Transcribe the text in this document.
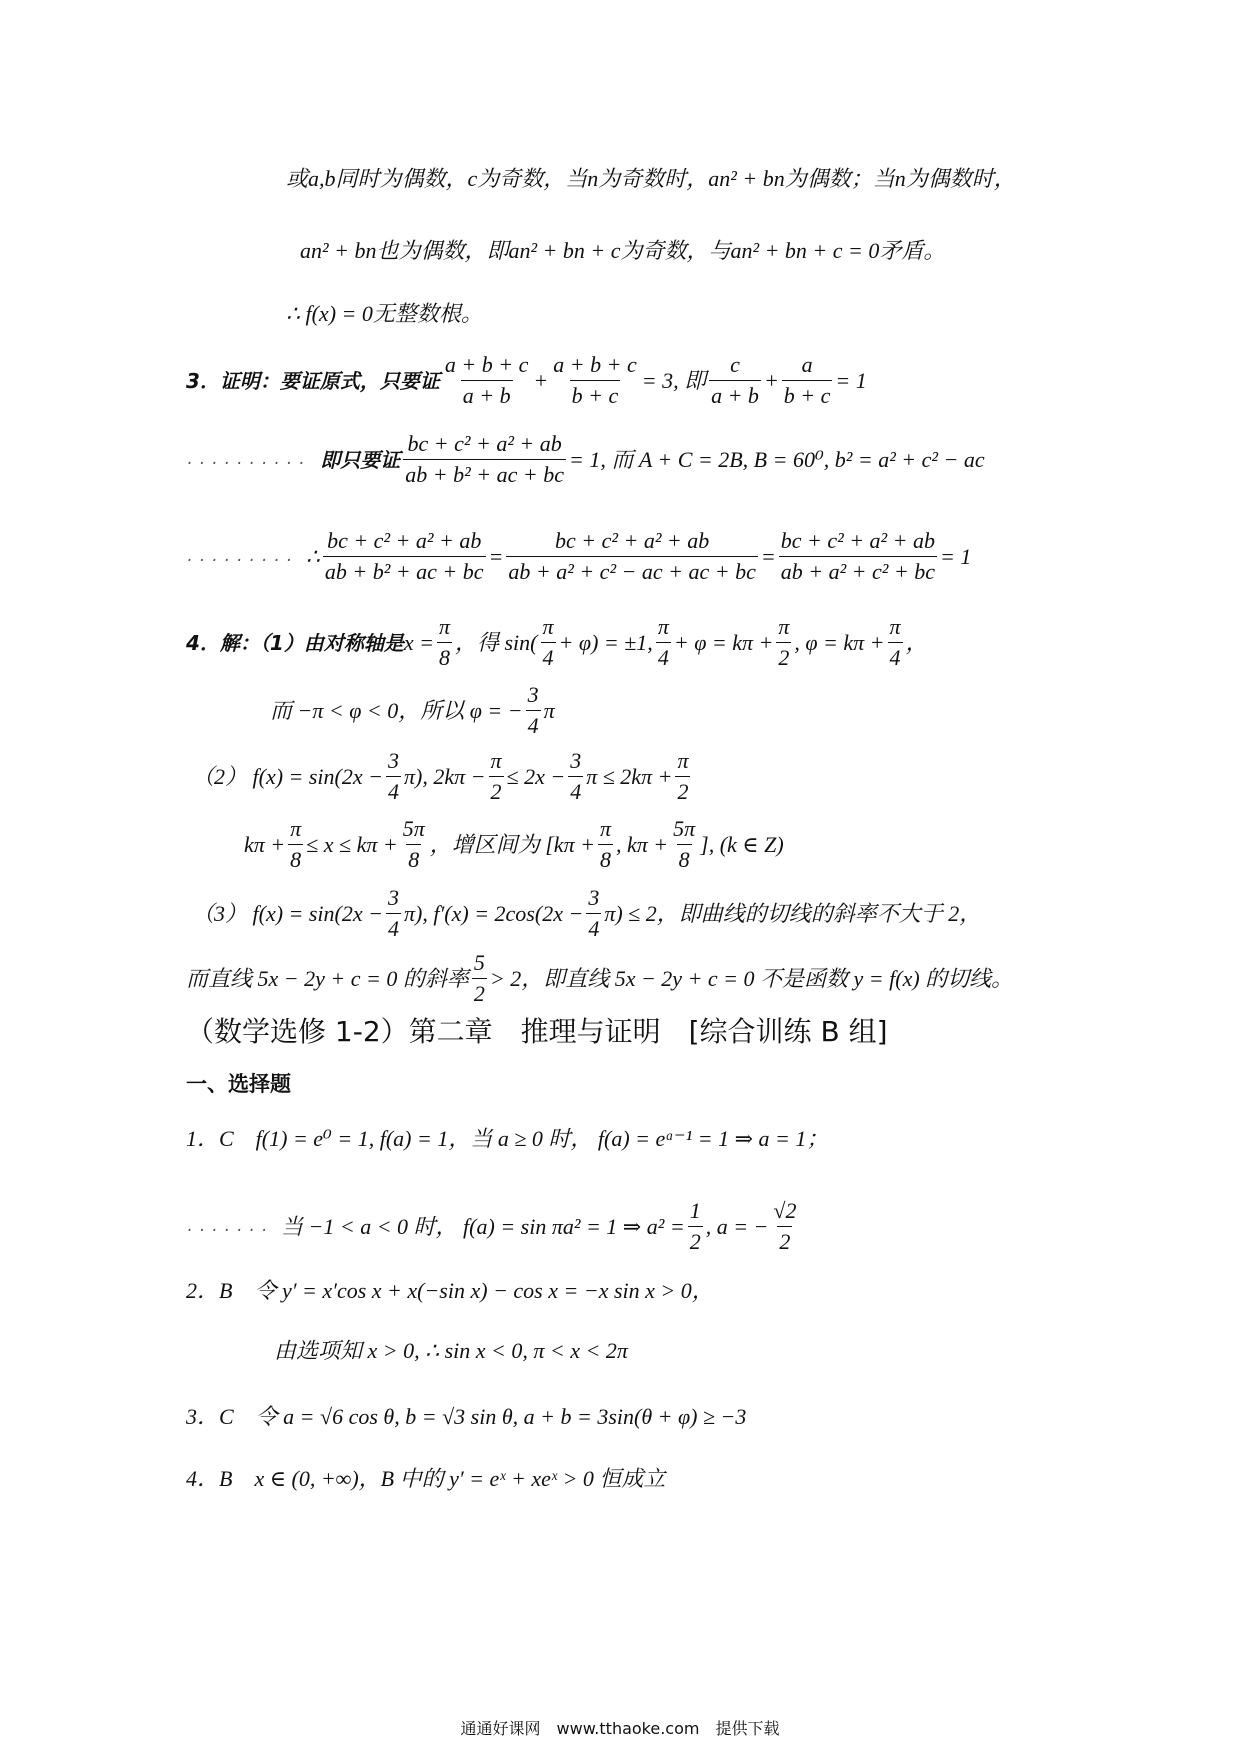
或a,b同时为偶数，c为奇数，当n为奇数时，an² + bn为偶数；当n为偶数时，
an² + bn也为偶数，即an² + bn + c为奇数，与an² + bn + c = 0矛盾。
∴ f(x) = 0无整数根。
3．证明：要证原式，只要证 $\frac{a + b + c}{a + b} + \frac{a + b + c}{b + c} = 3$, 即 $\frac{c}{a + b} + \frac{a}{b + c} = 1$
.......... 即只要证 $\frac{\text{bc + c² + a² + ab}}{\text{ab + b² + ac + bc}} = 1$, 而 A + C = 2B, B = 60⁰, b² = a² + c² − ac
......... ∴ $\frac{\text{bc + c² + a² + ab}}{\text{ab + b² + ac + bc}} = \frac{\text{bc + c² + a² + ab}}{\text{ab + a² + c² − ac + ac + bc}} = \frac{\text{bc + c² + a² + ab}}{\text{ab + a² + c² + bc}} = 1$
4．解：（1）由对称轴是 $x = \frac{\pi}{8}$ ，得 $\sin( \frac{\pi}{4} + \varphi) = \pm 1$, $\frac{\pi}{4} + \varphi = k\pi + \frac{\pi}{2}$ , $\varphi = k\pi + \frac{\pi}{4}$ ，
而 −π < φ < 0，所以 φ = − $\frac{3}{4}$ π
（2） $f(x) = \sin(2x - \frac{3}{4} \pi)$, $2k\pi - \frac{\pi}{2} \le 2x - \frac{3}{4}$ $\pi \le 2k\pi + \frac{\pi}{2}$
$k\pi + \frac{\pi}{8} \le x \le k\pi + \frac{5\pi}{8}$ ，增区间为 [$k\pi + \frac{\pi}{8}$ , $k\pi + \frac{5\pi}{8}$ ], (k ∈ Z)
（3） $f(x) = \sin(2x - \frac{3}{4} \pi)$, $f'(x) = 2\cos(2x - \frac{3}{4} \pi) \le 2$，即曲线的切线的斜率不大于 2，
而直线 5x − 2y + c = 0 的斜率 $\frac{5}{2} > 2$，即直线 5x − 2y + c = 0 不是函数 y = f(x) 的切线。
（数学选修 1-2）第二章　推理与证明　[综合训练 B 组]
一、选择题
1．C　f(1) = e⁰ = 1, f(a) = 1，当 a ≥ 0 时， f(a) = eᵃ⁻¹ = 1 ⇒ a = 1；
....... 当 −1 < a < 0 时， f(a) = sin πa² = 1 ⇒ $a^2 = \frac{1}{2}$ , a = − $\frac{√2}{2}$
2．B　令 y′ = x′cos x + x(−sin x) − cos x = −x sin x > 0，
由选项知 x > 0, ∴ sin x < 0, π < x < 2π
3．C　令 a = √6 cos θ, b = √3 sin θ, a + b = 3sin(θ + φ) ≥ −3
4．B　x ∈ (0, +∞)，B 中的 y′ = eˣ + xeˣ > 0 恒成立
通通好课网　www.tthaoke.com　提供下载
